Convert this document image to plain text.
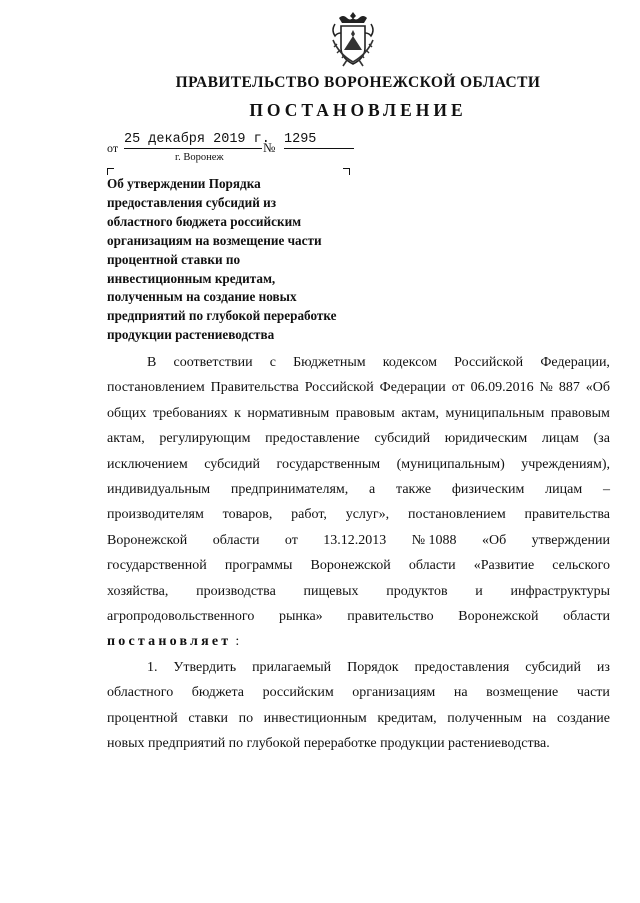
ПРАВИТЕЛЬСТВО ВОРОНЕЖСКОЙ ОБЛАСТИ
ПОСТАНОВЛЕНИЕ
от
25 декабря 2019 г.
№
1295
г. Воронеж
Об утверждении Порядка
предоставления субсидий из
областного бюджета российским
организациям на возмещение части
процентной ставки по
инвестиционным кредитам,
полученным на создание новых
предприятий по глубокой переработке
продукции растениеводства
В соответствии с Бюджетным кодексом Российской Федерации,
постановлением Правительства Российской Федерации от 06.09.2016 № 887 «Об
общих требованиях к нормативным правовым актам, муниципальным правовым
актам, регулирующим предоставление субсидий юридическим лицам (за
исключением субсидий государственным (муниципальным) учреждениям),
индивидуальным предпринимателям, а также физическим лицам –
производителям товаров, работ, услуг», постановлением правительства
Воронежской области от 13.12.2013 № 1088 «Об утверждении
государственной программы Воронежской области «Развитие сельского
хозяйства, производства пищевых продуктов и инфраструктуры
агропродовольственного рынка» правительство Воронежской области
постановляет :
1. Утвердить прилагаемый Порядок предоставления субсидий из
областного бюджета российским организациям на возмещение части
процентной ставки по инвестиционным кредитам, полученным на создание
новых предприятий по глубокой переработке продукции растениеводства.
